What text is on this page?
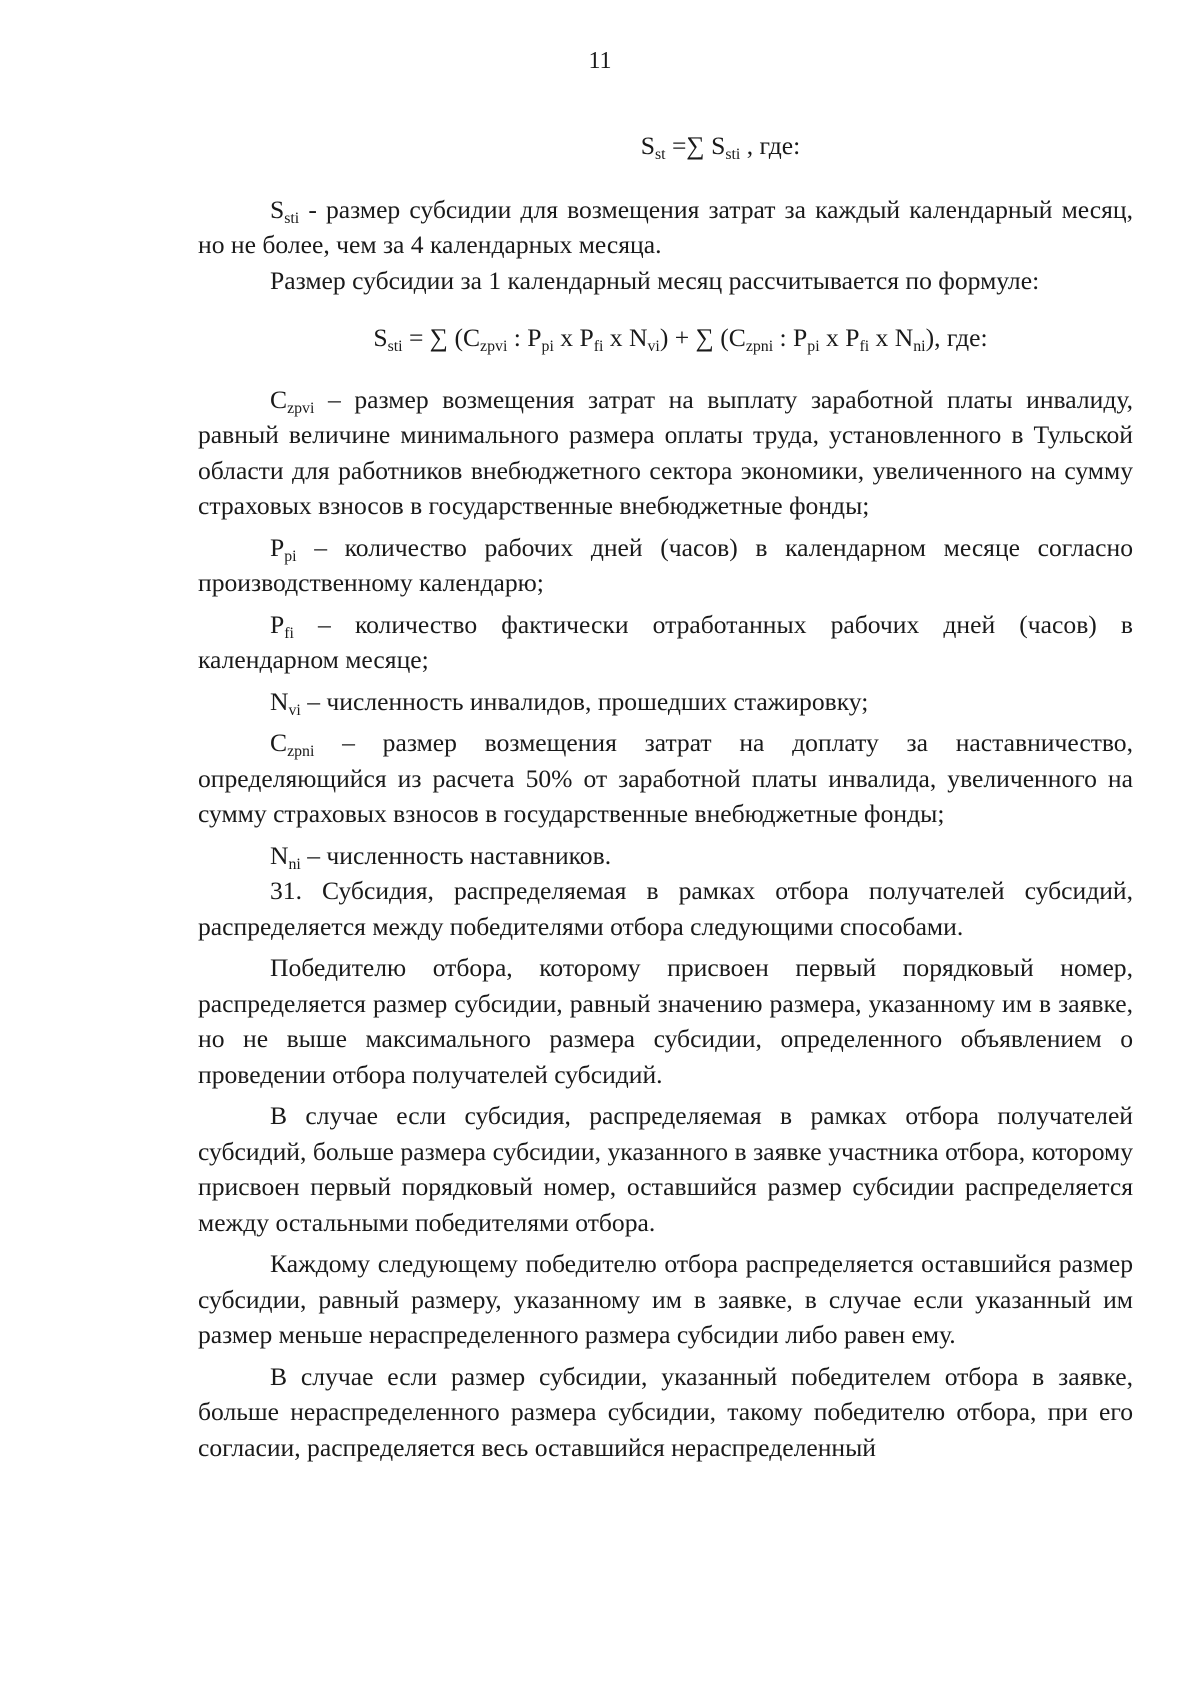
11

$S_{st}$ =∑ $S_{sti}$ , где:

$S_{sti}$ - размер субсидии для возмещения затрат за каждый календарный месяц, но не более, чем за 4 календарных месяца.

Размер субсидии за 1 календарный месяц рассчитывается по формуле:

$S_{sti}$ = ∑ ($C_{zpvi}$ : $P_{pi}$ x $P_{fi}$ x $N_{vi}$) + ∑ ($C_{zpni}$ : $P_{pi}$ x $P_{fi}$ x $N_{ni}$), где:

$C_{zpvi}$ – размер возмещения затрат на выплату заработной платы инвалиду, равный величине минимального размера оплаты труда, установленного в Тульской области для работников внебюджетного сектора экономики, увеличенного на сумму страховых взносов в государственные внебюджетные фонды;

$P_{pi}$ – количество рабочих дней (часов) в календарном месяце согласно производственному календарю;

$P_{fi}$ – количество фактически отработанных рабочих дней (часов) в календарном месяце;

$N_{vi}$ – численность инвалидов, прошедших стажировку;

$C_{zpni}$ – размер возмещения затрат на доплату за наставничество, определяющийся из расчета 50% от заработной платы инвалида, увеличенного на сумму страховых взносов в государственные внебюджетные фонды;

$N_{ni}$ – численность наставников.

31. Субсидия, распределяемая в рамках отбора получателей субсидий, распределяется между победителями отбора следующими способами.

Победителю отбора, которому присвоен первый порядковый номер, распределяется размер субсидии, равный значению размера, указанному им в заявке, но не выше максимального размера субсидии, определенного объявлением о проведении отбора получателей субсидий.

В случае если субсидия, распределяемая в рамках отбора получателей субсидий, больше размера субсидии, указанного в заявке участника отбора, которому присвоен первый порядковый номер, оставшийся размер субсидии распределяется между остальными победителями отбора.

Каждому следующему победителю отбора распределяется оставшийся размер субсидии, равный размеру, указанному им в заявке, в случае если указанный им размер меньше нераспределенного размера субсидии либо равен ему.

В случае если размер субсидии, указанный победителем отбора в заявке, больше нераспределенного размера субсидии, такому победителю отбора, при его согласии, распределяется весь оставшийся нераспределенный
